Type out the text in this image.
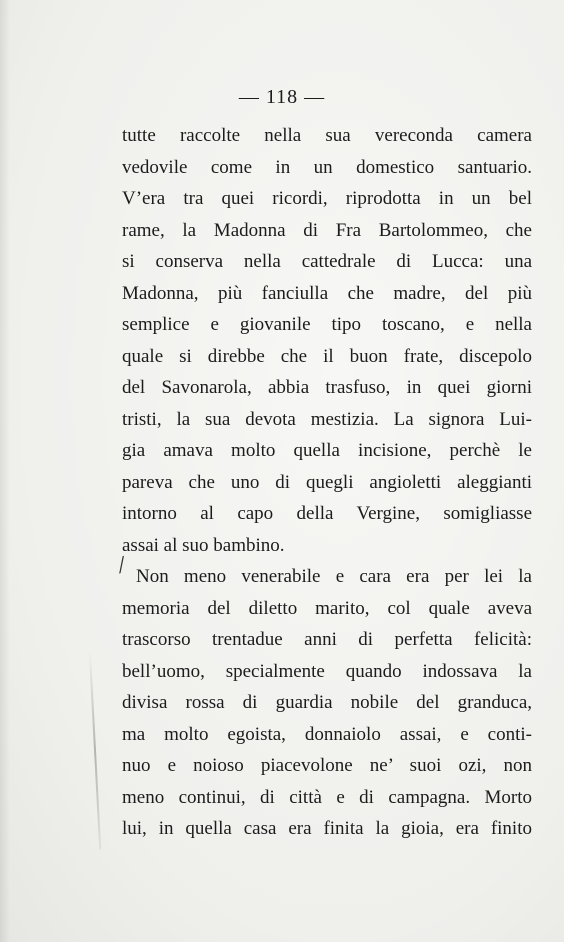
— 118 —
tutte raccolte nella sua vereconda camera
vedovile come in un domestico santuario.
V’era tra quei ricordi, riprodotta in un bel
rame, la Madonna di Fra Bartolommeo, che
si conserva nella cattedrale di Lucca: una
Madonna, più fanciulla che madre, del più
semplice e giovanile tipo toscano, e nella
quale si direbbe che il buon frate, discepolo
del Savonarola, abbia trasfuso, in quei giorni
tristi, la sua devota mestizia. La signora Lui-
gia amava molto quella incisione, perchè le
pareva che uno di quegli angioletti aleggianti
intorno al capo della Vergine, somigliasse
assai al suo bambino.
Non meno venerabile e cara era per lei la
memoria del diletto marito, col quale aveva
trascorso trentadue anni di perfetta felicità:
bell’uomo, specialmente quando indossava la
divisa rossa di guardia nobile del granduca,
ma molto egoista, donnaiolo assai, e conti-
nuo e noioso piacevolone ne’ suoi ozi, non
meno continui, di città e di campagna. Morto
lui, in quella casa era finita la gioia, era finito
⁄
